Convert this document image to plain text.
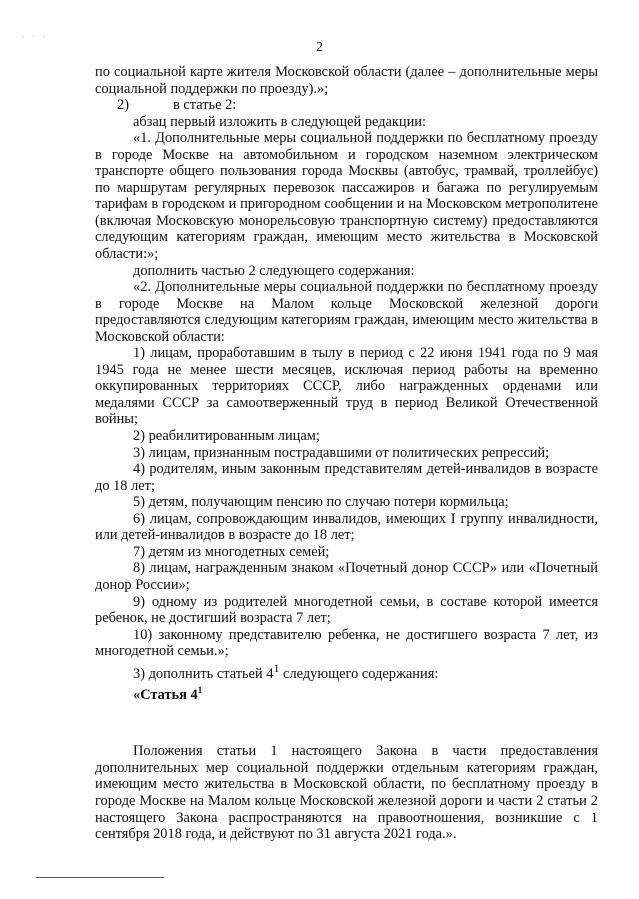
· · ·
2

по социальной карте жителя Московской области (далее – дополнительные меры социальной поддержки по проезду).»;

2)	в статье 2:

абзац первый изложить в следующей редакции:

«1. Дополнительные меры социальной поддержки по бесплатному проезду в городе Москве на автомобильном и городском наземном электрическом транспорте общего пользования города Москвы (автобус, трамвай, троллейбус) по маршрутам регулярных перевозок пассажиров и багажа по регулируемым тарифам в городском и пригородном сообщении и на Московском метрополитене (включая Московскую монорельсовую транспортную систему) предоставляются следующим категориям граждан, имеющим место жительства в Московской области:»;

дополнить частью 2 следующего содержания:

«2. Дополнительные меры социальной поддержки по бесплатному проезду в городе Москве на Малом кольце Московской железной дороги предоставляются следующим категориям граждан, имеющим место жительства в Московской области:

1) лицам, проработавшим в тылу в период с 22 июня 1941 года по 9 мая 1945 года не менее шести месяцев, исключая период работы на временно оккупированных территориях СССР, либо награжденных орденами или медалями СССР за самоотверженный труд в период Великой Отечественной войны;

2) реабилитированным лицам;

3) лицам, признанным пострадавшими от политических репрессий;

4) родителям, иным законным представителям детей-инвалидов в возрасте до 18 лет;

5) детям, получающим пенсию по случаю потери кормильца;

6) лицам, сопровождающим инвалидов, имеющих I группу инвалидности, или детей-инвалидов в возрасте до 18 лет;

7) детям из многодетных семей;

8) лицам, награжденным знаком «Почетный донор СССР» или «Почетный донор России»;

9) одному из родителей многодетной семьи, в составе которой имеется ребенок, не достигший возраста 7 лет;

10) законному представителю ребенка, не достигшего возраста 7 лет, из многодетной семьи.»;

3) дополнить статьей $4^1$ следующего содержания:

«Статья $4^1$

Положения статьи 1 настоящего Закона в части предоставления дополнительных мер социальной поддержки отдельным категориям граждан, имеющим место жительства в Московской области, по бесплатному проезду в городе Москве на Малом кольце Московской железной дороги и части 2 статьи 2 настоящего Закона распространяются на правоотношения, возникшие с 1 сентября 2018 года, и действуют по 31 августа 2021 года.».
